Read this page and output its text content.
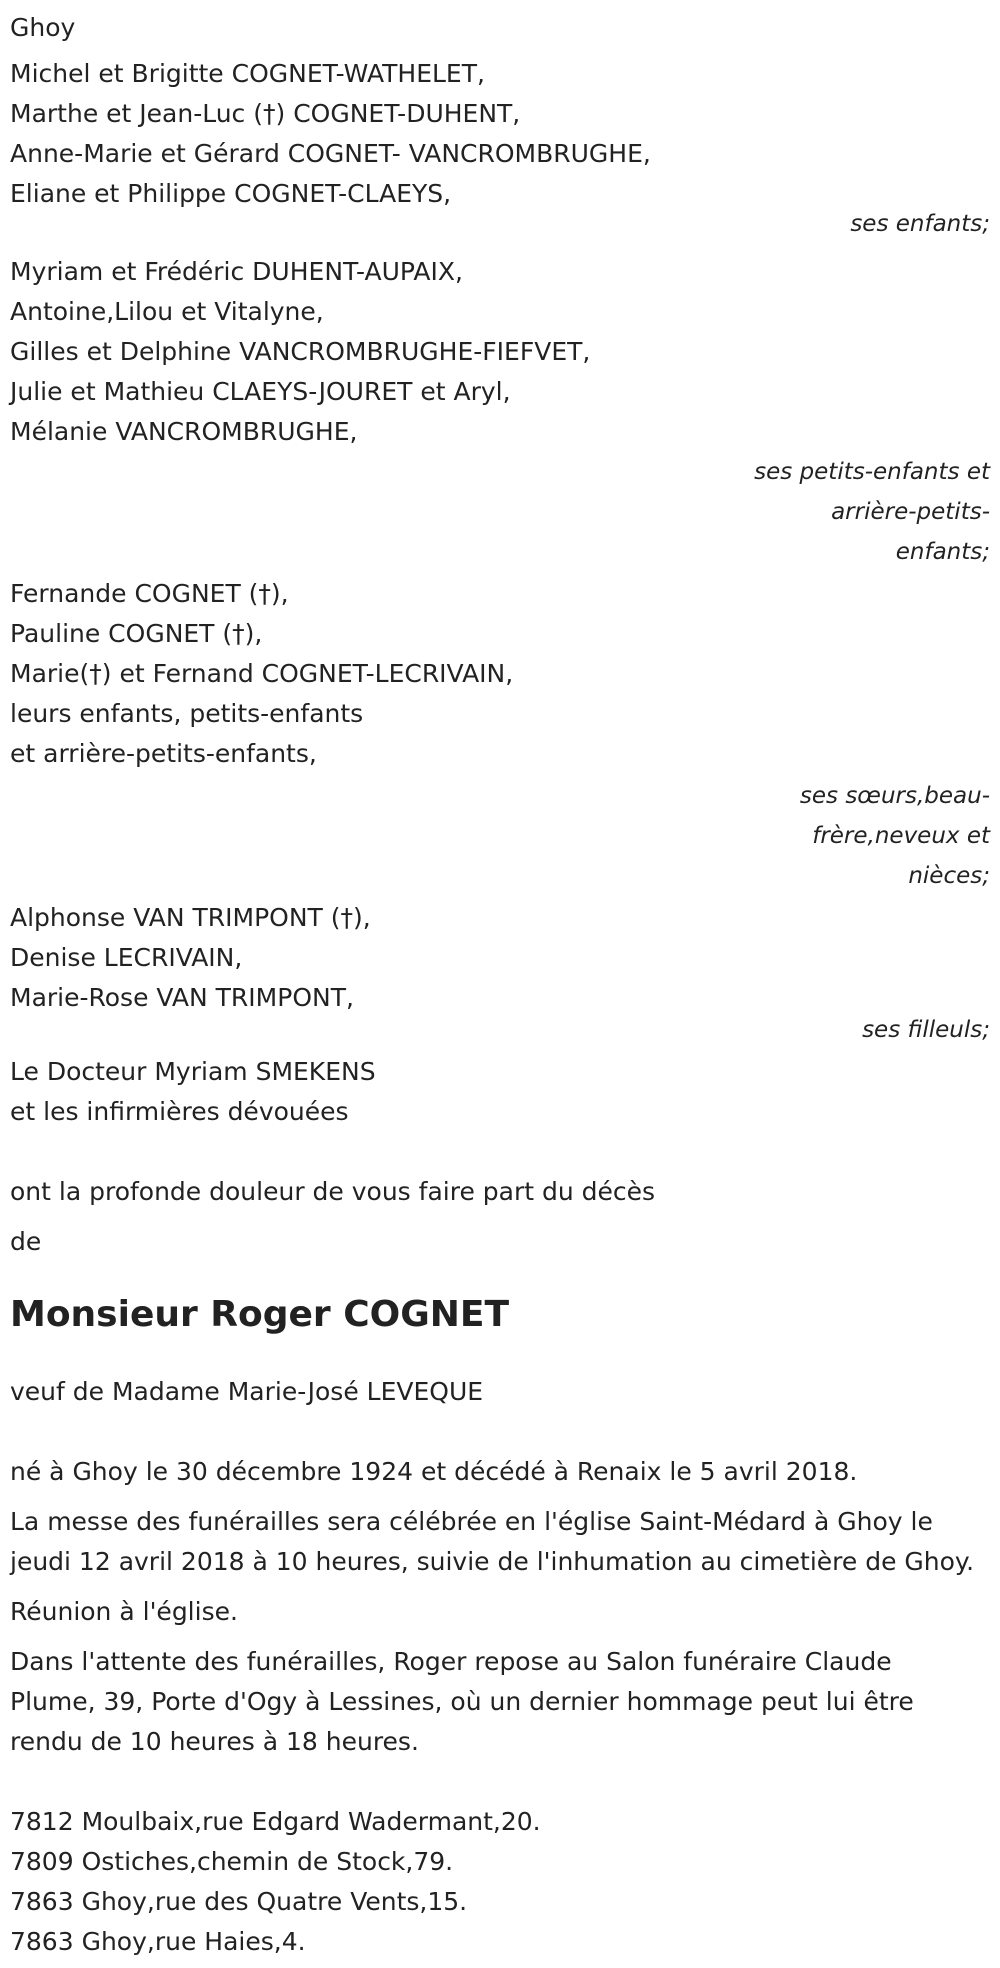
Ghoy
Michel et Brigitte COGNET-WATHELET,
Marthe et Jean-Luc (†) COGNET-DUHENT,
Anne-Marie et Gérard COGNET- VANCROMBRUGHE,
Eliane et Philippe COGNET-CLAEYS,
ses enfants;
Myriam et Frédéric DUHENT-AUPAIX,
Antoine,Lilou et Vitalyne,
Gilles et Delphine VANCROMBRUGHE-FIEFVET,
Julie et Mathieu CLAEYS-JOURET et Aryl,
Mélanie VANCROMBRUGHE,
ses petits-enfants et arrière-petits-enfants;
Fernande COGNET (†),
Pauline COGNET (†),
Marie(†) et Fernand COGNET-LECRIVAIN,
leurs enfants, petits-enfants
et arrière-petits-enfants,
ses sœurs,beau-frère,neveux et nièces;
Alphonse VAN TRIMPONT (†),
Denise LECRIVAIN,
Marie-Rose VAN TRIMPONT,
ses filleuls;
Le Docteur Myriam SMEKENS
et les infirmières dévouées
ont la profonde douleur de vous faire part du décès
de
Monsieur Roger COGNET
veuf de Madame Marie-José LEVEQUE
né à Ghoy le 30 décembre 1924 et décédé à Renaix le 5 avril 2018.
La messe des funérailles sera célébrée en l'église Saint-Médard à Ghoy le jeudi 12 avril 2018 à 10 heures, suivie de l'inhumation au cimetière de Ghoy.
Réunion à l'église.
Dans l'attente des funérailles, Roger repose au Salon funéraire Claude Plume, 39, Porte d'Ogy à Lessines, où un dernier hommage peut lui être rendu de 10 heures à 18 heures.
7812 Moulbaix,rue Edgard Wadermant,20.
7809 Ostiches,chemin de Stock,79.
7863 Ghoy,rue des Quatre Vents,15.
7863 Ghoy,rue Haies,4.
